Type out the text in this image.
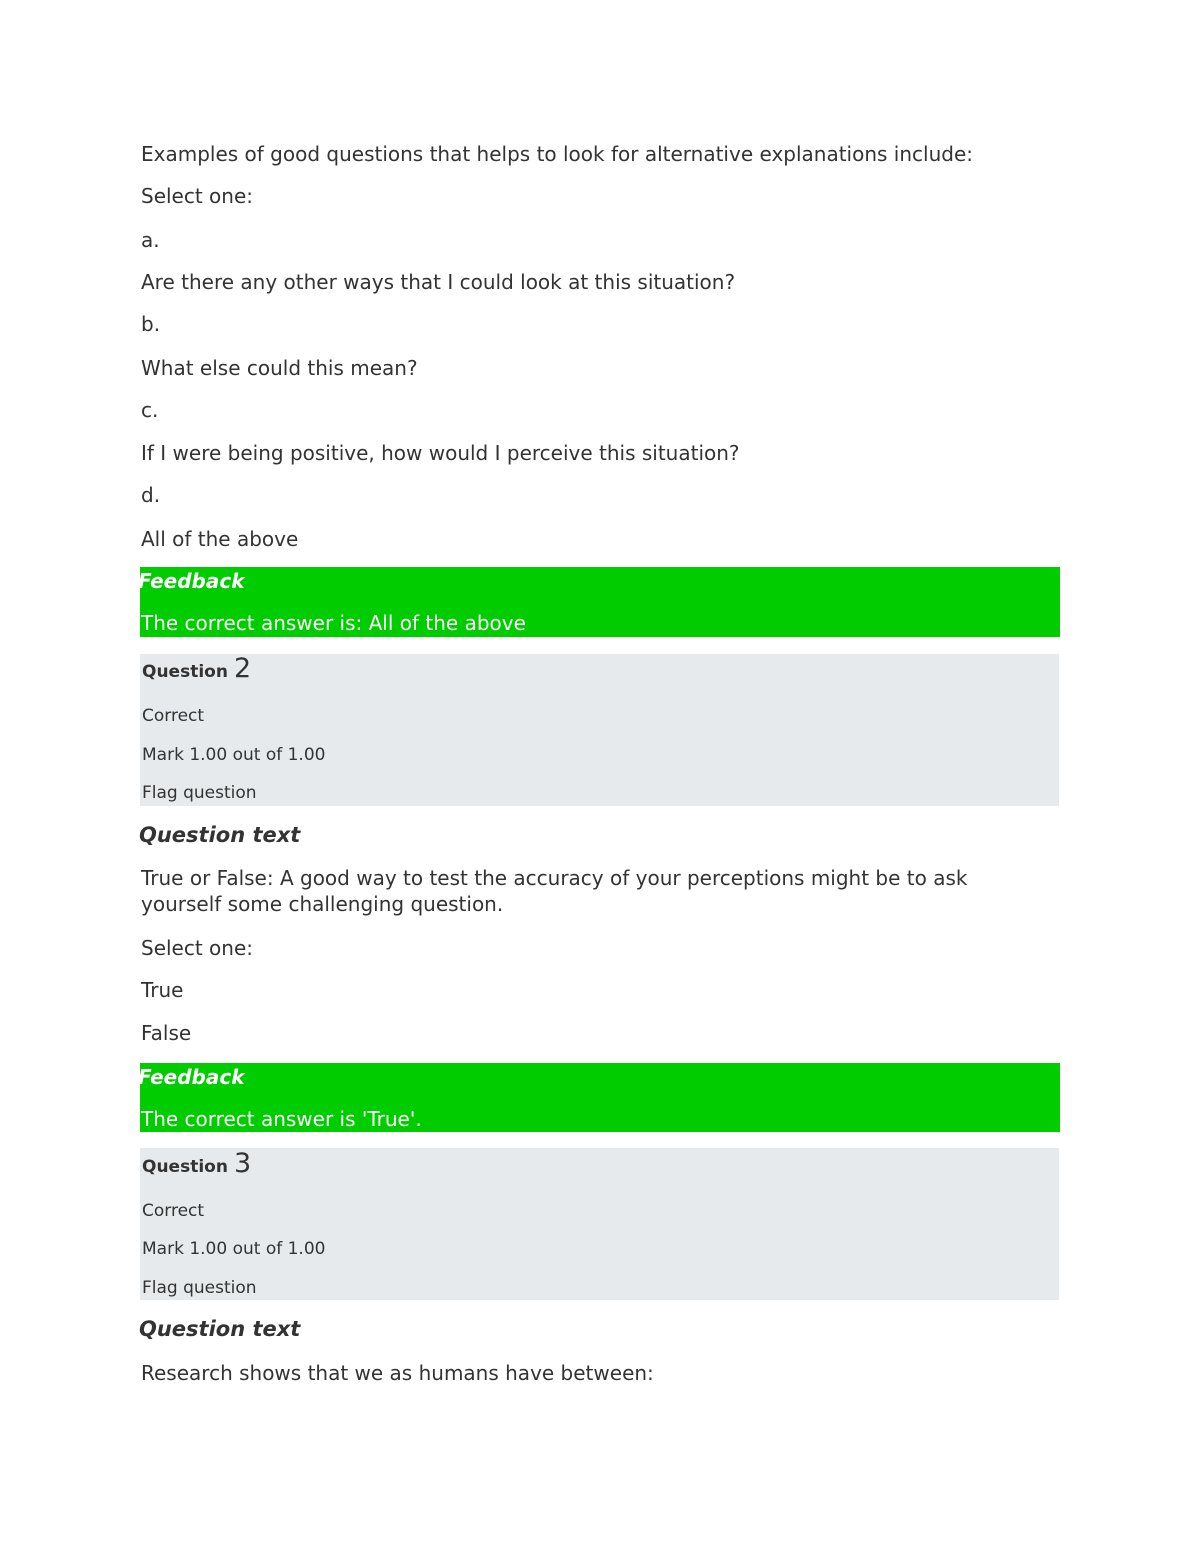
Examples of good questions that helps to look for alternative explanations include:
Select one:
a.
Are there any other ways that I could look at this situation?
b.
What else could this mean?
c.
If I were being positive, how would I perceive this situation?
d.
All of the above
Feedback
The correct answer is: All of the above
Question 2
Correct
Mark 1.00 out of 1.00
Flag question
Question text
True or False: A good way to test the accuracy of your perceptions might be to ask yourself some challenging question.
Select one:
True
False
Feedback
The correct answer is 'True'.
Question 3
Correct
Mark 1.00 out of 1.00
Flag question
Question text
Research shows that we as humans have between:
